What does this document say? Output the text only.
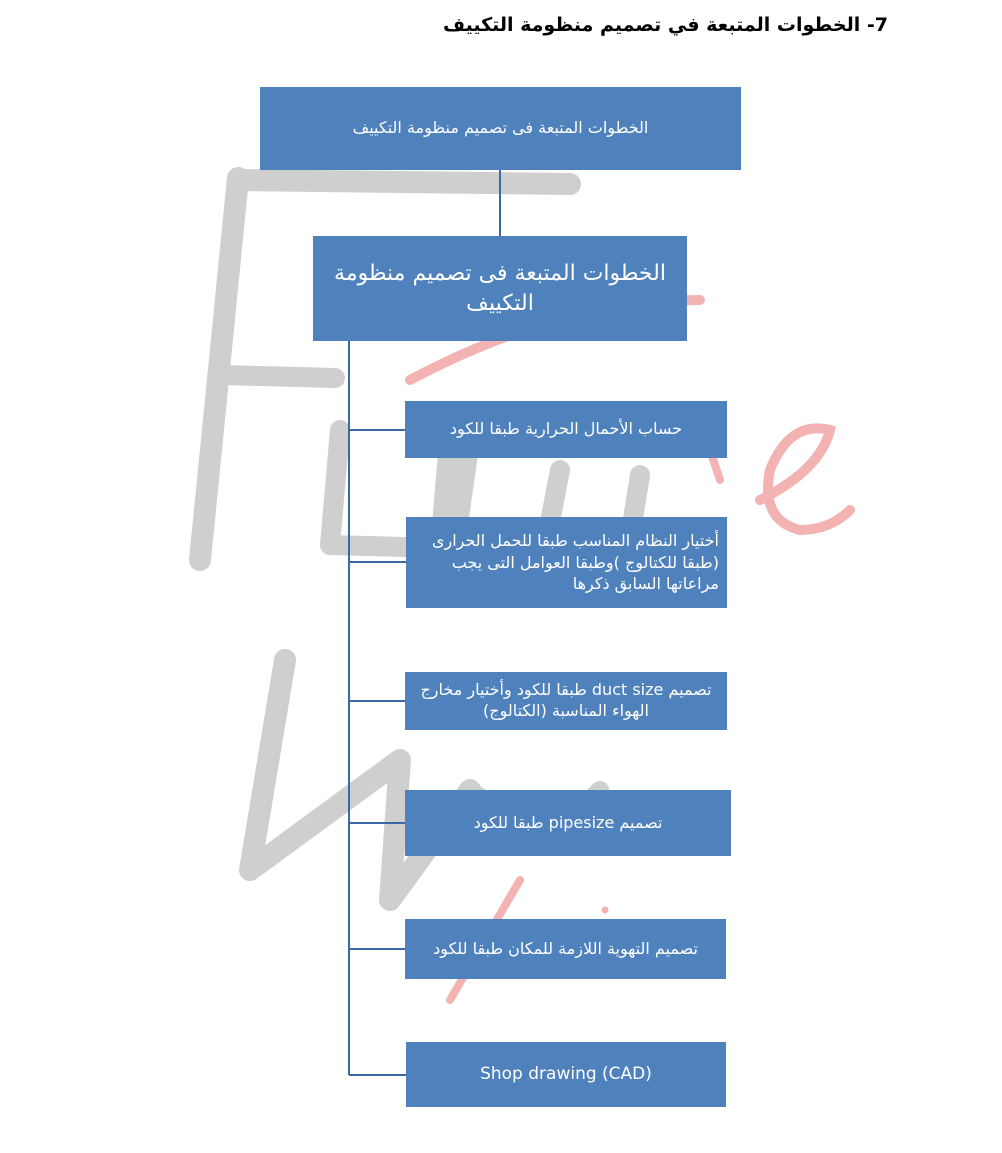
7- الخطوات المتبعة في تصميم منظومة التكييف
الخطوات المتبعة فى تصميم منظومة التكييف
الخطوات المتبعة فى تصميم منظومة التكييف
حساب الأحمال الحرارية طبقا للكود
أختيار النظام المناسب طبقا للحمل الحرارى (طبقا للكتالوج )وطبقا العوامل التى يجب مراعاتها السابق ذكرها
تصميم duct size طبقا للكود وأختيار مخارج الهواء المناسبة (الكتالوج)
تصميم pipesize طبقا للكود
تصميم التهوية اللازمة للمكان طبقا للكود
Shop drawing (CAD)
